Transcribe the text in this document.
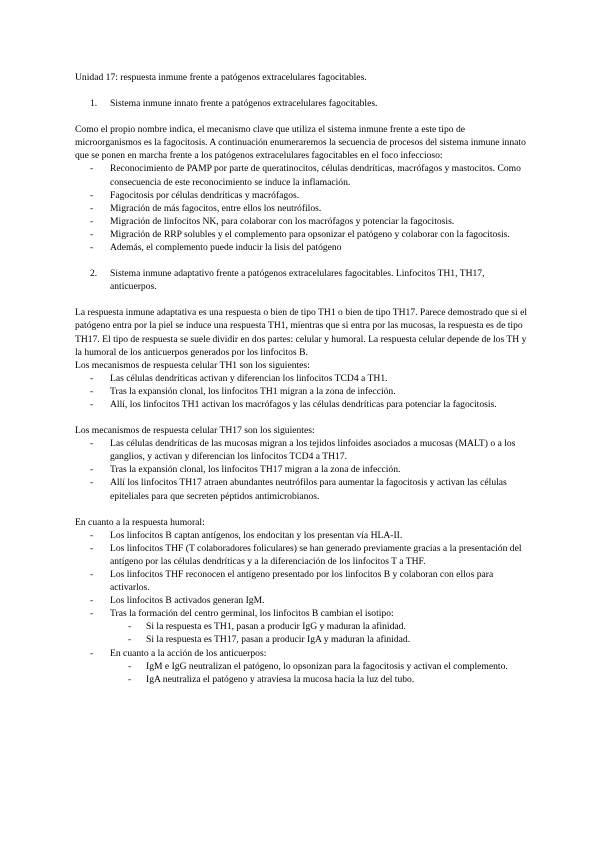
Unidad 17: respuesta inmune frente a patógenos extracelulares fagocitables.

1.	Sistema inmune innato frente a patógenos extracelulares fagocitables.

Como el propio nombre indica, el mecanismo clave que utiliza el sistema inmune frente a este tipo de microorganismos es la fagocitosis. A continuación enumeraremos la secuencia de procesos del sistema inmune innato que se ponen en marcha frente a los patógenos extracelulares fagocitables en el foco infeccioso:

-	Reconocimiento de PAMP por parte de queratinocitos, células dendríticas, macrófagos y mastocitos. Como consecuencia de este reconocimiento se induce la inflamación.

-	Fagocitosis por células dendríticas y macrófagos.

-	Migración de más fagocitos, entre ellos los neutrófilos.

-	Migración de linfocitos NK, para colaborar con los macrófagos y potenciar la fagocitosis.

-	Migración de RRP solubles y el complemento para opsonizar el patógeno y colaborar con la fagocitosis.

-	Además, el complemento puede inducir la lisis del patógeno

2.	Sistema inmune adaptativo frente a patógenos extracelulares fagocitables. Linfocitos TH1, TH17, anticuerpos.

La respuesta inmune adaptativa es una respuesta o bien de tipo TH1 o bien de tipo TH17. Parece demostrado que si el patógeno entra por la piel se induce una respuesta TH1, mientras que si entra por las mucosas, la respuesta es de tipo TH17. El tipo de respuesta se suele dividir en dos partes: celular y humoral. La respuesta celular depende de los TH y la humoral de los anticuerpos generados por los linfocitos B.

Los mecanismos de respuesta celular TH1 son los siguientes:

-	Las células dendríticas activan y diferencian los linfocitos TCD4 a TH1.

-	Tras la expansión clonal, los linfocitos TH1 migran a la zona de infección.

-	Allí, los linfocitos TH1 activan los macrófagos y las células dendríticas para potenciar la fagocitosis.

Los mecanismos de respuesta celular TH17 son los siguientes:

-	Las células dendríticas de las mucosas migran a los tejidos linfoides asociados a mucosas (MALT) o a los ganglios, y activan y diferencian los linfocitos TCD4 a TH17.

-	Tras la expansión clonal, los linfocitos TH17 migran a la zona de infección.

-	Allí los linfocitos TH17 atraen abundantes neutrófilos para aumentar la fagocitosis y activan las células epiteliales para que secreten péptidos antimicrobianos.

En cuanto a la respuesta humoral:

-	Los linfocitos B captan antígenos, los endocitan y los presentan vía HLA-II.

-	Los linfocitos THF (T colaboradores foliculares) se han generado previamente gracias a la presentación del antígeno por las células dendríticas y a la diferenciación de los linfocitos T a THF.

-	Los linfocitos THF reconocen el antígeno presentado por los linfocitos B y colaboran con ellos para activarlos.

-	Los linfocitos B activados generan IgM.

-	Tras la formación del centro germinal, los linfocitos B cambian el isotipo:

-	Si la respuesta es TH1, pasan a producir IgG y maduran la afinidad.

-	Si la respuesta es TH17, pasan a producir IgA y maduran la afinidad.

-	En cuanto a la acción de los anticuerpos:

-	IgM e IgG neutralizan el patógeno, lo opsonizan para la fagocitosis y activan el complemento.

-	IgA neutraliza el patógeno y atraviesa la mucosa hacia la luz del tubo.
